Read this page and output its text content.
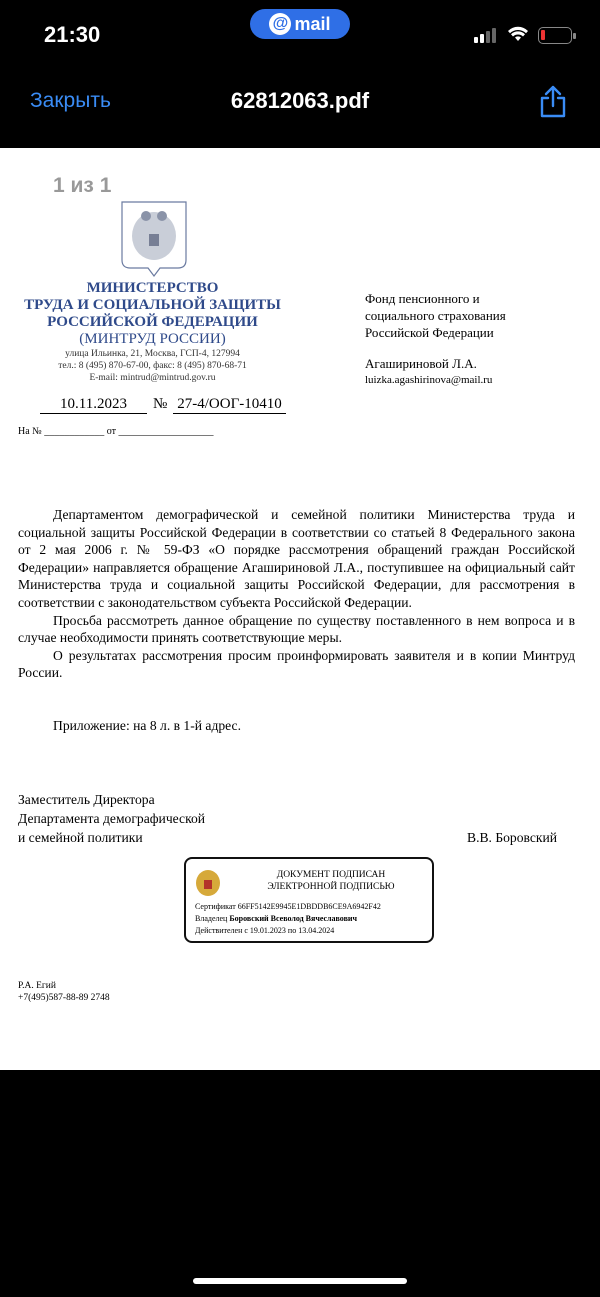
21:30	@ mail
Закрыть	62812063.pdf
1 из 1
МИНИСТЕРСТВО
ТРУДА И СОЦИАЛЬНОЙ ЗАЩИТЫ
РОССИЙСКОЙ ФЕДЕРАЦИИ
(МИНТРУД РОССИИ)
улица Ильинка, 21, Москва, ГСП-4, 127994
тел.: 8 (495) 870-67-00, факс: 8 (495) 870-68-71
E-mail: mintrud@mintrud.gov.ru
10.11.2023	№ 27-4/ООГ-10410
На № ____________ от ___________________
Фонд пенсионного и
социального страхования
Российской Федерации
Агашириновой Л.А.
luizka.agashirinova@mail.ru

Департаментом демографической и семейной политики Министерства труда и социальной защиты Российской Федерации в соответствии со статьей 8 Федерального закона от 2 мая 2006 г. № 59-ФЗ «О порядке рассмотрения обращений граждан Российской Федерации» направляется обращение Агашириновой Л.А., поступившее на официальный сайт Министерства труда и социальной защиты Российской Федерации, для рассмотрения в соответствии с законодательством субъекта Российской Федерации.

Просьба рассмотреть данное обращение по существу поставленного в нем вопроса и в случае необходимости принять соответствующие меры.

О результатах рассмотрения просим проинформировать заявителя и в копии Минтруд России.

Приложение: на 8 л. в 1-й адрес.
Заместитель Директора
Департамента демографической
и семейной политики	В.В. Боровский
ДОКУМЕНТ ПОДПИСАН
ЭЛЕКТРОННОЙ ПОДПИСЬЮ
Сертификат 66FF5142E9945E1DBDDB6CE9A6942F42
Владелец Боровский Всеволод Вячеславович
Действителен с 19.01.2023 по 13.04.2024
Р.А. Егий
+7(495)587-88-89 2748
